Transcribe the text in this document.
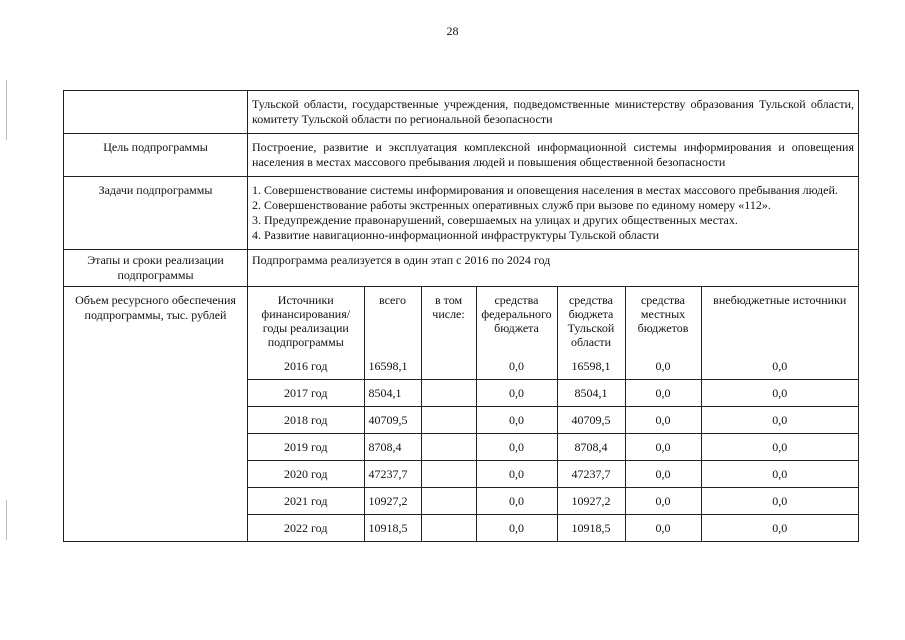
28
	Тульской области, государственные учреждения, подведомственные министерству образования Тульской области, комитету Тульской области по региональной безопасности
Цель подпрограммы	Построение, развитие и эксплуатация комплексной информационной системы информирования и оповещения населения в местах массового пребывания людей и повышения общественной безопасности
Задачи подпрограммы	1. Совершенствование системы информирования и оповещения населения в местах массового пребывания людей.
2. Совершенствование работы экстренных оперативных служб при вызове по единому номеру «112».
3. Предупреждение правонарушений, совершаемых на улицах и других общественных местах.
4. Развитие навигационно-информационной инфраструктуры Тульской области

Этапы и сроки реализации подпрограммы	Подпрограмма реализуется в один этап с 2016 по 2024 год
Объем ресурсного обеспечения подпрограммы, тыс. рублей	
Источники финансирования/ годы реализации подпрограммы	всего	в том числе:	средства федерального бюджета	средства бюджета Тульской области	средства местных бюджетов	внебюджетные источники
2016 год	16598,1		0,0	16598,1	0,0	0,0
2017 год	8504,1		0,0	8504,1	0,0	0,0
2018 год	40709,5		0,0	40709,5	0,0	0,0
2019 год	8708,4		0,0	8708,4	0,0	0,0
2020 год	47237,7		0,0	47237,7	0,0	0,0
2021 год	10927,2		0,0	10927,2	0,0	0,0
2022 год	10918,5		0,0	10918,5	0,0	0,0
